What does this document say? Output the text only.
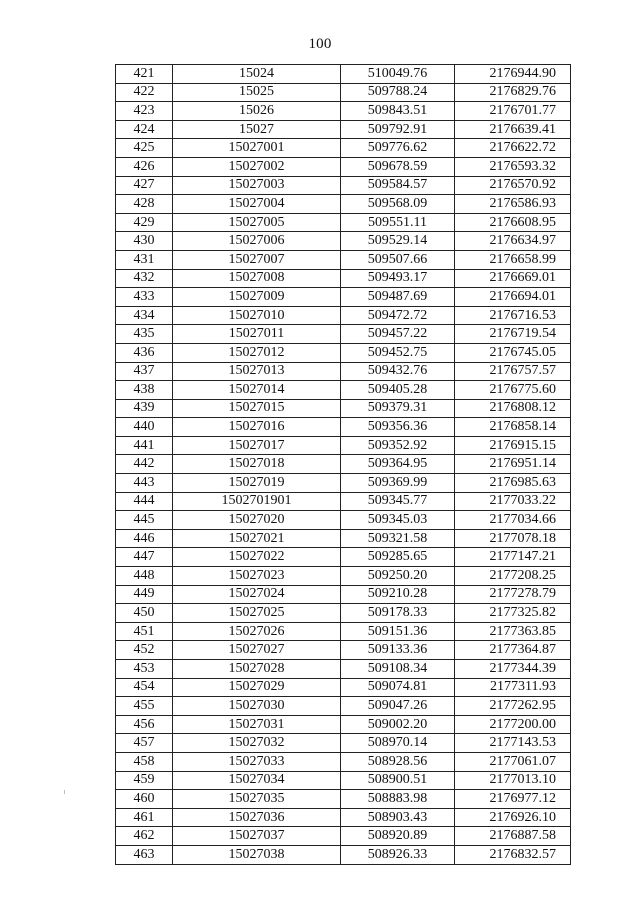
100
421	15024	510049.76	2176944.90
422	15025	509788.24	2176829.76
423	15026	509843.51	2176701.77
424	15027	509792.91	2176639.41
425	15027001	509776.62	2176622.72
426	15027002	509678.59	2176593.32
427	15027003	509584.57	2176570.92
428	15027004	509568.09	2176586.93
429	15027005	509551.11	2176608.95
430	15027006	509529.14	2176634.97
431	15027007	509507.66	2176658.99
432	15027008	509493.17	2176669.01
433	15027009	509487.69	2176694.01
434	15027010	509472.72	2176716.53
435	15027011	509457.22	2176719.54
436	15027012	509452.75	2176745.05
437	15027013	509432.76	2176757.57
438	15027014	509405.28	2176775.60
439	15027015	509379.31	2176808.12
440	15027016	509356.36	2176858.14
441	15027017	509352.92	2176915.15
442	15027018	509364.95	2176951.14
443	15027019	509369.99	2176985.63
444	1502701901	509345.77	2177033.22
445	15027020	509345.03	2177034.66
446	15027021	509321.58	2177078.18
447	15027022	509285.65	2177147.21
448	15027023	509250.20	2177208.25
449	15027024	509210.28	2177278.79
450	15027025	509178.33	2177325.82
451	15027026	509151.36	2177363.85
452	15027027	509133.36	2177364.87
453	15027028	509108.34	2177344.39
454	15027029	509074.81	2177311.93
455	15027030	509047.26	2177262.95
456	15027031	509002.20	2177200.00
457	15027032	508970.14	2177143.53
458	15027033	508928.56	2177061.07
459	15027034	508900.51	2177013.10
460	15027035	508883.98	2176977.12
461	15027036	508903.43	2176926.10
462	15027037	508920.89	2176887.58
463	15027038	508926.33	2176832.57
